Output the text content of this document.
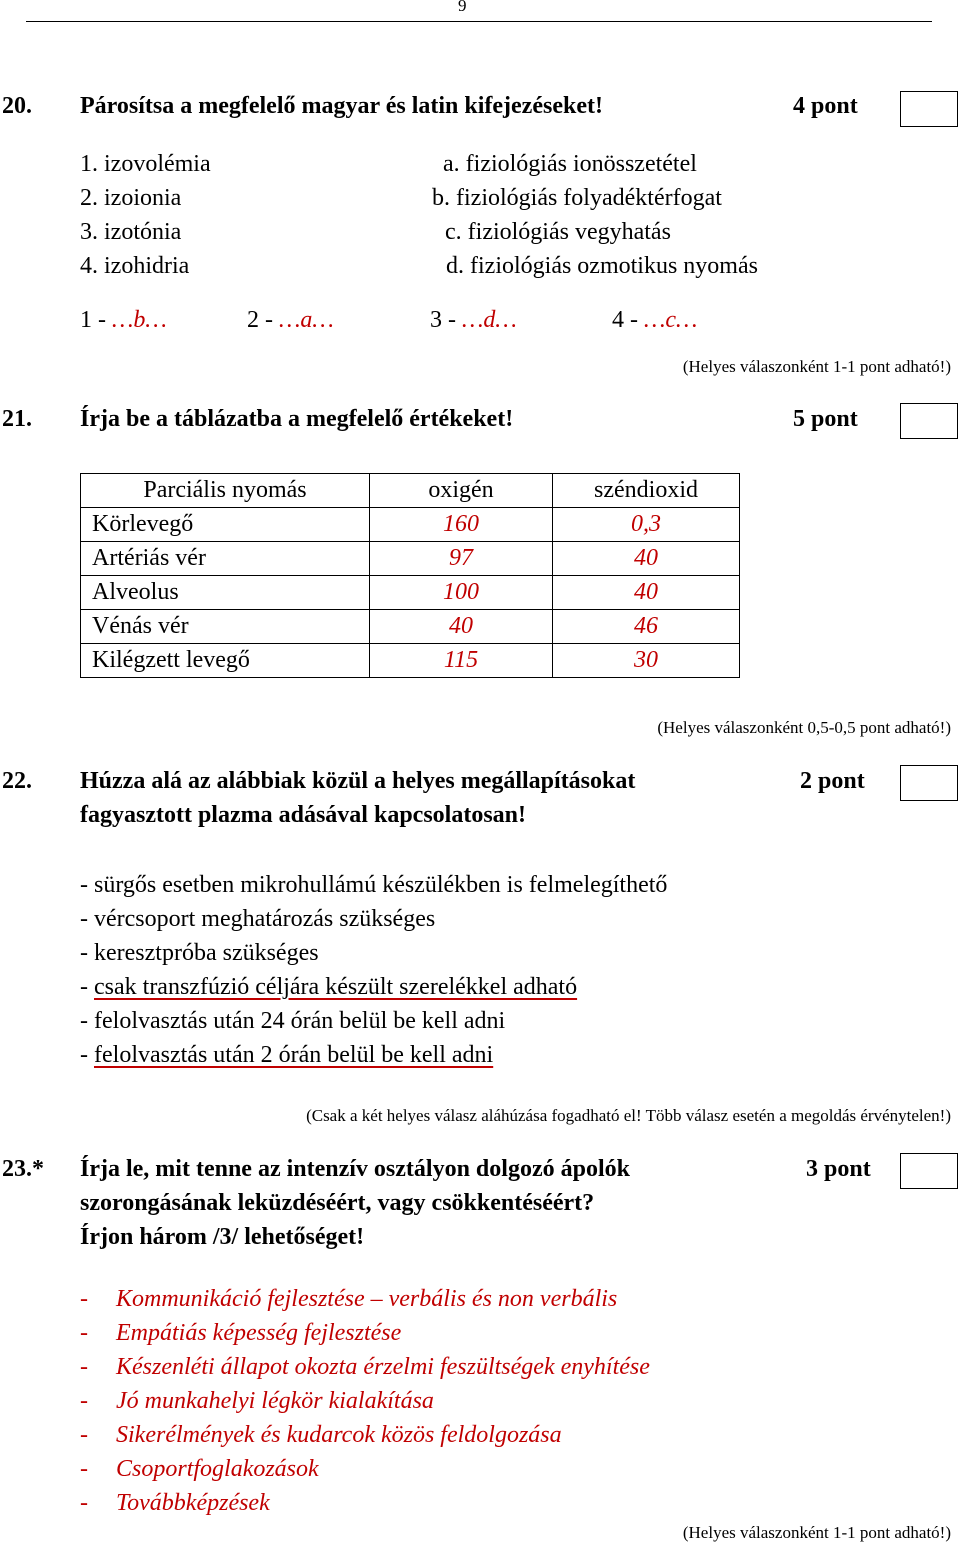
9
20. Párosítsa a megfelelő magyar és latin kifejezéseket!	4 pont
1. izovolémia
2. izoionia
3. izotónia
4. izohidria
a. fiziológiás ionösszetétel
b. fiziológiás folyadéktérfogat
c. fiziológiás vegyhatás
d. fiziológiás ozmotikus nyomás
1 - …b…	2 - …a…	3 - …d…	4 - …c…
(Helyes válaszonként 1-1 pont adható!)
21. Írja be a táblázatba a megfelelő értékeket!	5 pont
Parciális nyomás	oxigén	széndioxid
Körlevegő	160	0,3
Artériás vér	97	40
Alveolus	100	40
Vénás vér	40	46
Kilégzett levegő	115	30
(Helyes válaszonként 0,5-0,5 pont adható!)
22. Húzza alá az alábbiak közül a helyes megállapításokat
fagyasztott plazma adásával kapcsolatosan!
2 pont
- sürgős esetben mikrohullámú készülékben is felmelegíthető
- vércsoport meghatározás szükséges
- keresztpróba szükséges
- csak transzfúzió céljára készült szerelékkel adható
- felolvasztás után 24 órán belül be kell adni
- felolvasztás után 2 órán belül be kell adni
(Csak a két helyes válasz aláhúzása fogadható el! Több válasz esetén a megoldás érvénytelen!)
23.* Írja le, mit tenne az intenzív osztályon dolgozó ápolók
szorongásának leküzdéséért, vagy csökkentéséért?
Írjon három /3/ lehetőséget!
3 pont
- Kommunikáció fejlesztése – verbális és non verbális
- Empátiás képesség fejlesztése
- Készenléti állapot okozta érzelmi feszültségek enyhítése
- Jó munkahelyi légkör kialakítása
- Sikerélmények és kudarcok közös feldolgozása
- Csoportfoglakozások
- Továbbképzések
(Helyes válaszonként 1-1 pont adható!)
